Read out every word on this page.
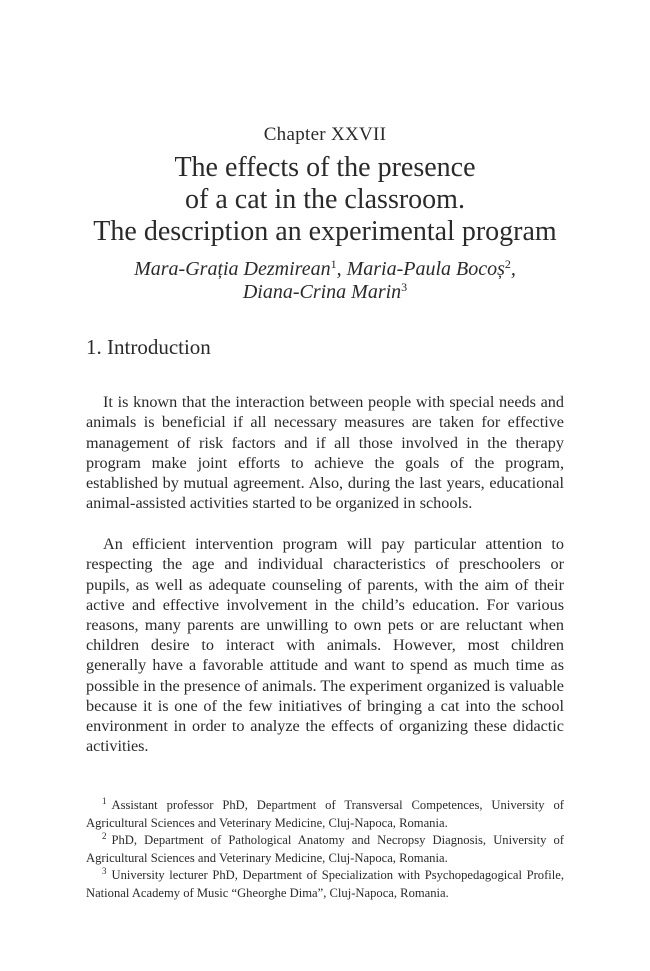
Chapter XXVII
The effects of the presence
of a cat in the classroom.
The description an experimental program
Mara-Grația Dezmirean$^1$, Maria-Paula Bocoș$^2$,
Diana-Crina Marin$^3$
1. Introduction

It is known that the interaction between people with special needs and animals is beneficial if all necessary measures are taken for effective management of risk factors and if all those involved in the therapy program make joint efforts to achieve the goals of the program, established by mutual agreement. Also, during the last years, educational animal-assisted activities started to be organized in schools.

An efficient intervention program will pay particular attention to respecting the age and individual characteristics of preschoolers or pupils, as well as adequate counseling of parents, with the aim of their active and effective involvement in the child’s education. For various reasons, many parents are unwilling to own pets or are reluctant when children desire to interact with animals. However, most children generally have a favorable attitude and want to spend as much time as possible in the presence of animals. The experiment organized is valuable because it is one of the few initiatives of bringing a cat into the school environment in order to analyze the effects of organizing these didactic activities.

$^1$ Assistant professor PhD, Department of Transversal Competences, University of Agricultural Sciences and Veterinary Medicine, Cluj-Napoca, Romania.
$^2$ PhD, Department of Pathological Anatomy and Necropsy Diagnosis, University of Agricultural Sciences and Veterinary Medicine, Cluj-Napoca, Romania.
$^3$ University lecturer PhD, Department of Specialization with Psychopedagogical Profile, National Academy of Music “Gheorghe Dima”, Cluj-Napoca, Romania.
